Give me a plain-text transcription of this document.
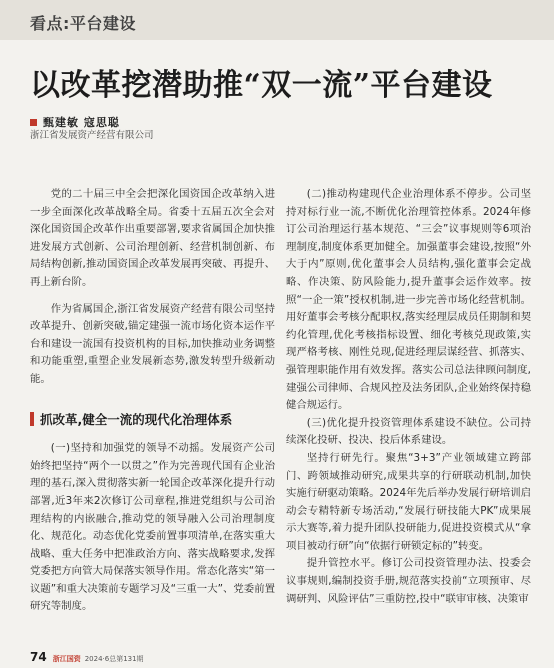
看点:平台建设
以改革挖潜助推“双一流”平台建设
甄建敏 寇思聪
浙江省发展资产经营有限公司

党的二十届三中全会把深化国资国企改革纳入进一步全面深化改革战略全局。省委十五届五次全会对深化国资国企改革作出重要部署,要求省属国企加快推进发展方式创新、公司治理创新、经营机制创新、布局结构创新,推动国资国企改革发展再突破、再提升、再上新台阶。

作为省属国企,浙江省发展资产经营有限公司坚持改革提升、创新突破,锚定建强一流市场化资本运作平台和建设一流国有投资机构的目标,加快推动业务调整和功能重塑,重塑企业发展新态势,激发转型升级新动能。

抓改革,健全一流的现代化治理体系

(一)坚持和加强党的领导不动摇。发展资产公司始终把坚持“两个一以贯之”作为完善现代国有企业治理的基石,深入贯彻落实新一轮国企改革深化提升行动部署,近3年来2次修订公司章程,推进党组织与公司治理结构的内嵌融合,推动党的领导融入公司治理制度化、规范化。动态优化党委前置事项清单,在落实重大战略、重大任务中把准政治方向、落实战略要求,发挥党委把方向管大局保落实领导作用。常态化落实“第一议题”和重大决策前专题学习及“三重一大”、党委前置研究等制度。

(二)推动构建现代企业治理体系不停步。公司坚持对标行业一流,不断优化治理管控体系。2024年修订公司治理运行基本规范、“三会”议事规则等6项治理制度,制度体系更加健全。加强董事会建设,按照“外大于内”原则,优化董事会人员结构,强化董事会定战略、作决策、防风险能力,提升董事会运作效率。按照“一企一策”授权机制,进一步完善市场化经营机制。用好董事会考核分配职权,落实经理层成员任期制和契约化管理,优化考核指标设置、细化考核兑现政策,实现严格考核、刚性兑现,促进经理层谋经营、抓落实、强管理职能作用有效发挥。落实公司总法律顾问制度,建强公司律师、合规风控及法务团队,企业始终保持稳健合规运行。

(三)优化提升投资管理体系建设不缺位。公司持续深化投研、投决、投后体系建设。

坚持行研先行。聚焦“3+3”产业领域建立跨部门、跨领域推动研究,成果共享的行研联动机制,加快实施行研驱动策略。2024年先后举办发展行研培训启动会专精特新专场活动,“发展行研技能大PK”成果展示大赛等,着力提升团队投研能力,促进投资模式从“拿项目被动行研”向“依据行研锁定标的”转变。

提升管控水平。修订公司投资管理办法、投委会议事规则,编制投资手册,规范落实投前“立项预审、尽调研判、风险评估”三重防控,投中“联审审核、决策审

74 浙江国资 2024·6总第131期
